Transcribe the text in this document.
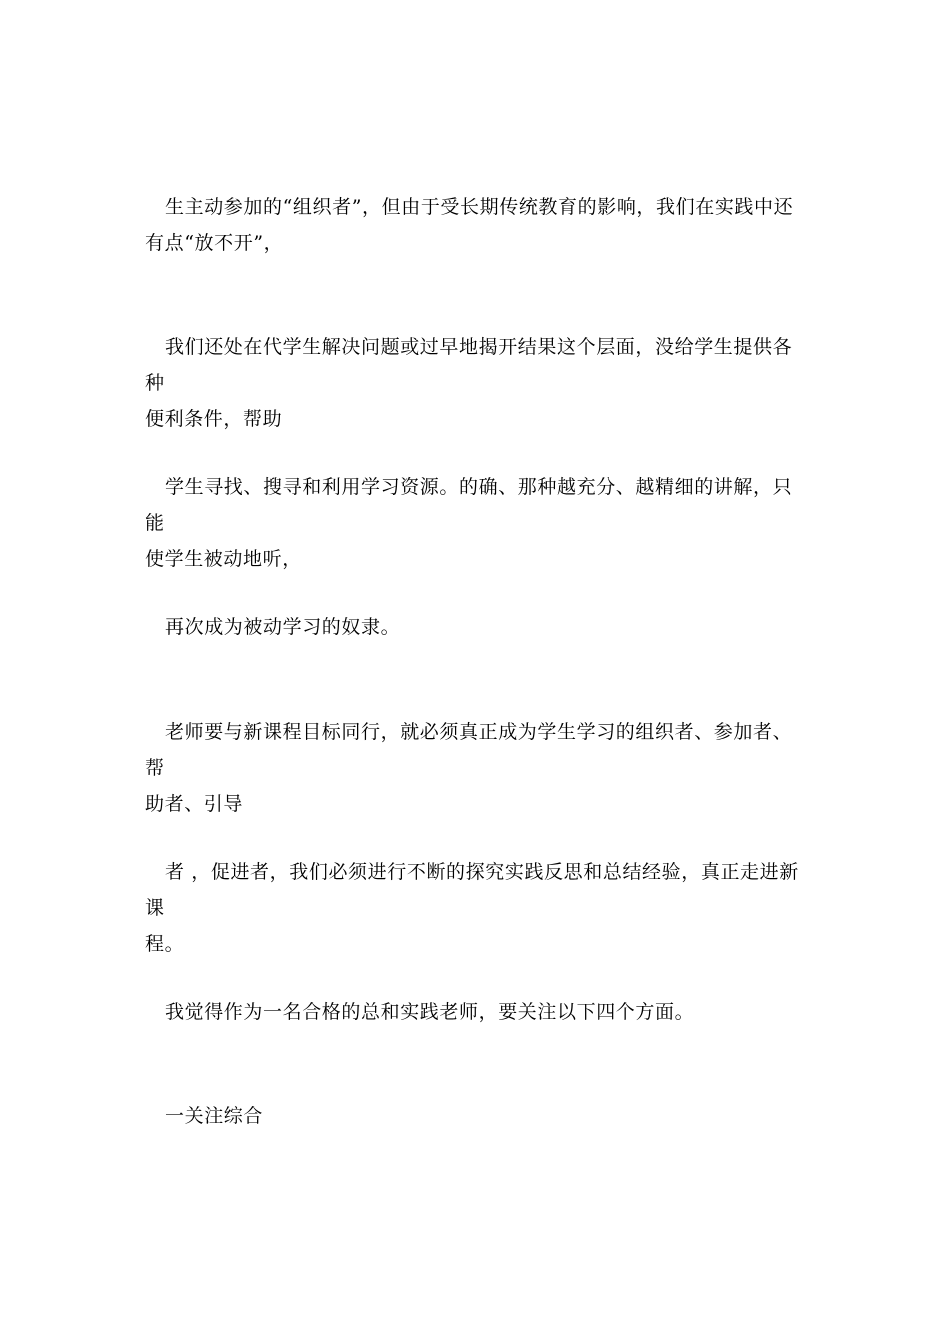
生主动参加的“组织者”，但由于受长期传统教育的影响，我们在实践中还
有点“放不开”，

我们还处在代学生解决问题或过早地揭开结果这个层面，没给学生提供各种
便利条件，帮助

学生寻找、搜寻和利用学习资源。的确、那种越充分、越精细的讲解，只能
使学生被动地听，

再次成为被动学习的奴隶。

老师要与新课程目标同行，就必须真正成为学生学习的组织者、参加者、帮
助者、引导

者 ，促进者，我们必须进行不断的探究实践反思和总结经验，真正走进新课
程。

我觉得作为一名合格的总和实践老师，要关注以下四个方面。

一关注综合
